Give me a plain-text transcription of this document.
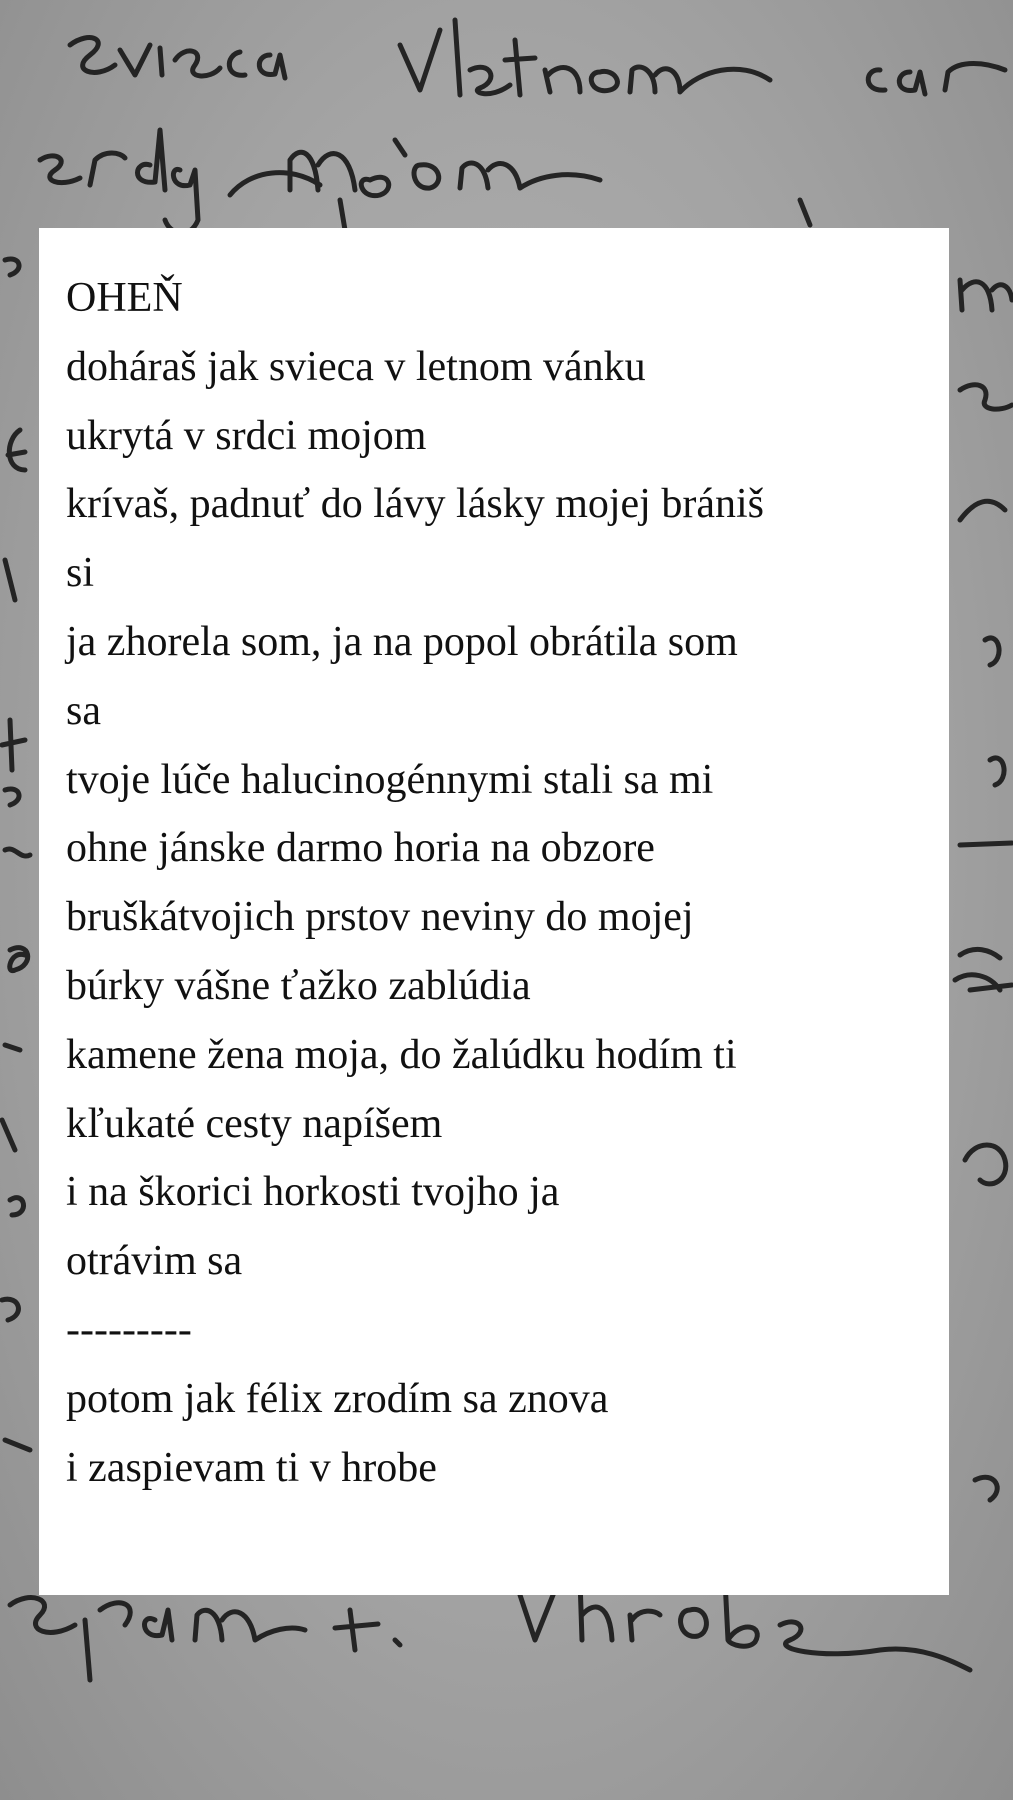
OHEŇ
doháraš jak svieca v letnom vánku
ukrytá v srdci mojom
krívaš, padnuť do lávy lásky mojej brániš
si
ja zhorela som, ja na popol obrátila som
sa
tvoje lúče halucinogénnymi stali sa mi
ohne jánske darmo horia na obzore
bruškátvojich prstov neviny do mojej
búrky vášne ťažko zablúdia
kamene žena moja, do žalúdku hodím ti
kľukaté cesty napíšem
i na škorici horkosti tvojho ja
otrávim sa
---------
potom jak félix zrodím sa znova
i zaspievam ti v hrobe
